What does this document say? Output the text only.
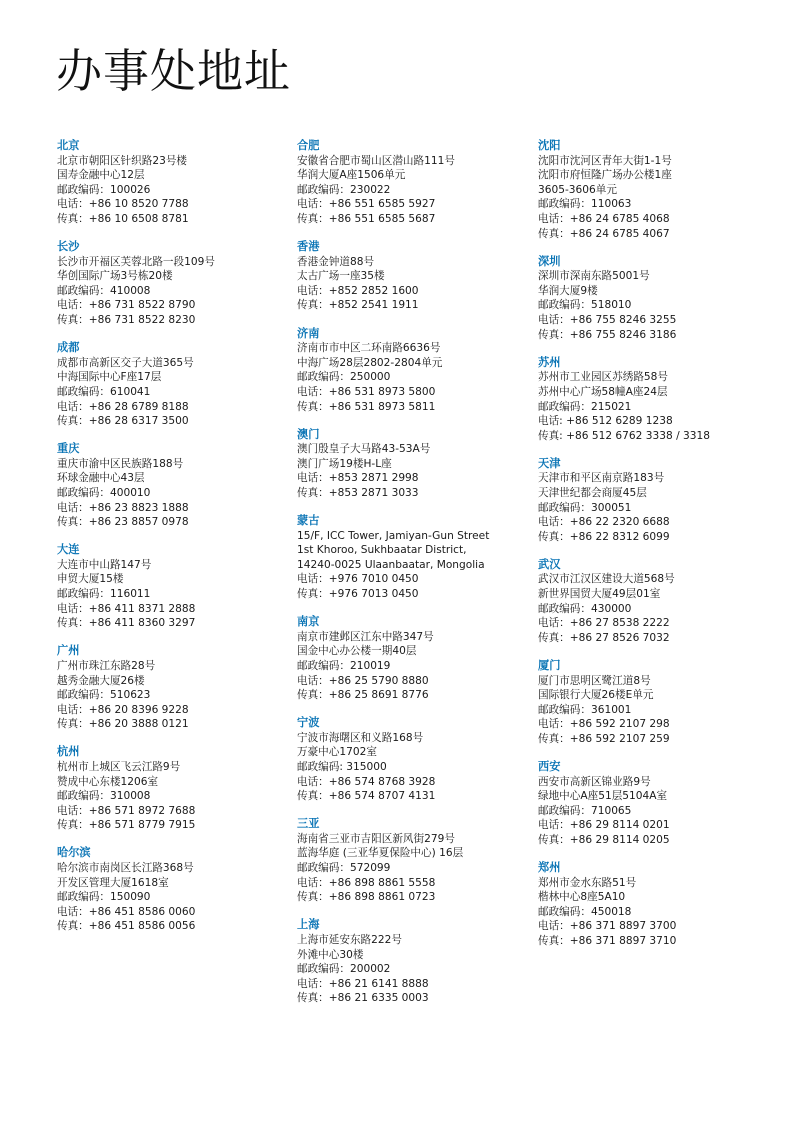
办事处地址
北京
北京市朝阳区针织路23号楼
国寿金融中心12层
邮政编码：100026
电话：+86 10 8520 7788
传真：+86 10 6508 8781
长沙
长沙市开福区芙蓉北路一段109号
华创国际广场3号栋20楼
邮政编码：410008
电话：+86 731 8522 8790
传真：+86 731 8522 8230
成都
成都市高新区交子大道365号
中海国际中心F座17层
邮政编码：610041
电话：+86 28 6789 8188
传真：+86 28 6317 3500
重庆
重庆市渝中区民族路188号
环球金融中心43层
邮政编码：400010
电话：+86 23 8823 1888
传真：+86 23 8857 0978
大连
大连市中山路147号
申贸大厦15楼
邮政编码：116011
电话：+86 411 8371 2888
传真：+86 411 8360 3297
广州
广州市珠江东路28号
越秀金融大厦26楼
邮政编码：510623
电话：+86 20 8396 9228
传真：+86 20 3888 0121
杭州
杭州市上城区飞云江路9号
赞成中心东楼1206室
邮政编码：310008
电话：+86 571 8972 7688
传真：+86 571 8779 7915
哈尔滨
哈尔滨市南岗区长江路368号
开发区管理大厦1618室
邮政编码：150090
电话：+86 451 8586 0060
传真：+86 451 8586 0056
合肥
安徽省合肥市蜀山区潜山路111号
华润大厦A座1506单元
邮政编码：230022
电话：+86 551 6585 5927
传真：+86 551 6585 5687
香港
香港金钟道88号
太古广场一座35楼
电话：+852 2852 1600
传真：+852 2541 1911
济南
济南市市中区二环南路6636号
中海广场28层2802-2804单元
邮政编码：250000
电话：+86 531 8973 5800
传真：+86 531 8973 5811
澳门
澳门殷皇子大马路43-53A号
澳门广场19楼H-L座
电话：+853 2871 2998
传真：+853 2871 3033
蒙古
15/F, ICC Tower, Jamiyan-Gun Street
1st Khoroo, Sukhbaatar District,
14240-0025 Ulaanbaatar, Mongolia
电话：+976 7010 0450
传真：+976 7013 0450
南京
南京市建邺区江东中路347号
国金中心办公楼一期40层
邮政编码：210019
电话：+86 25 5790 8880
传真：+86 25 8691 8776
宁波
宁波市海曙区和义路168号
万豪中心1702室
邮政编码: 315000
电话：+86 574 8768 3928
传真：+86 574 8707 4131
三亚
海南省三亚市吉阳区新风街279号
蓝海华庭 (三亚华夏保险中心) 16层
邮政编码：572099
电话：+86 898 8861 5558
传真：+86 898 8861 0723
上海
上海市延安东路222号
外滩中心30楼
邮政编码：200002
电话：+86 21 6141 8888
传真：+86 21 6335 0003
沈阳
沈阳市沈河区青年大街1-1号
沈阳市府恒隆广场办公楼1座
3605-3606单元
邮政编码：110063
电话：+86 24 6785 4068
传真：+86 24 6785 4067
深圳
深圳市深南东路5001号
华润大厦9楼
邮政编码：518010
电话：+86 755 8246 3255
传真：+86 755 8246 3186
苏州
苏州市工业园区苏绣路58号
苏州中心广场58幢A座24层
邮政编码：215021
电话: +86 512 6289 1238
传真: +86 512 6762 3338 / 3318
天津
天津市和平区南京路183号
天津世纪都会商厦45层
邮政编码：300051
电话：+86 22 2320 6688
传真：+86 22 8312 6099
武汉
武汉市江汉区建设大道568号
新世界国贸大厦49层01室
邮政编码：430000
电话：+86 27 8538 2222
传真：+86 27 8526 7032
厦门
厦门市思明区鹭江道8号
国际银行大厦26楼E单元
邮政编码：361001
电话：+86 592 2107 298
传真：+86 592 2107 259
西安
西安市高新区锦业路9号
绿地中心A座51层5104A室
邮政编码：710065
电话：+86 29 8114 0201
传真：+86 29 8114 0205
郑州
郑州市金水东路51号
楷林中心8座5A10
邮政编码：450018
电话：+86 371 8897 3700
传真：+86 371 8897 3710
